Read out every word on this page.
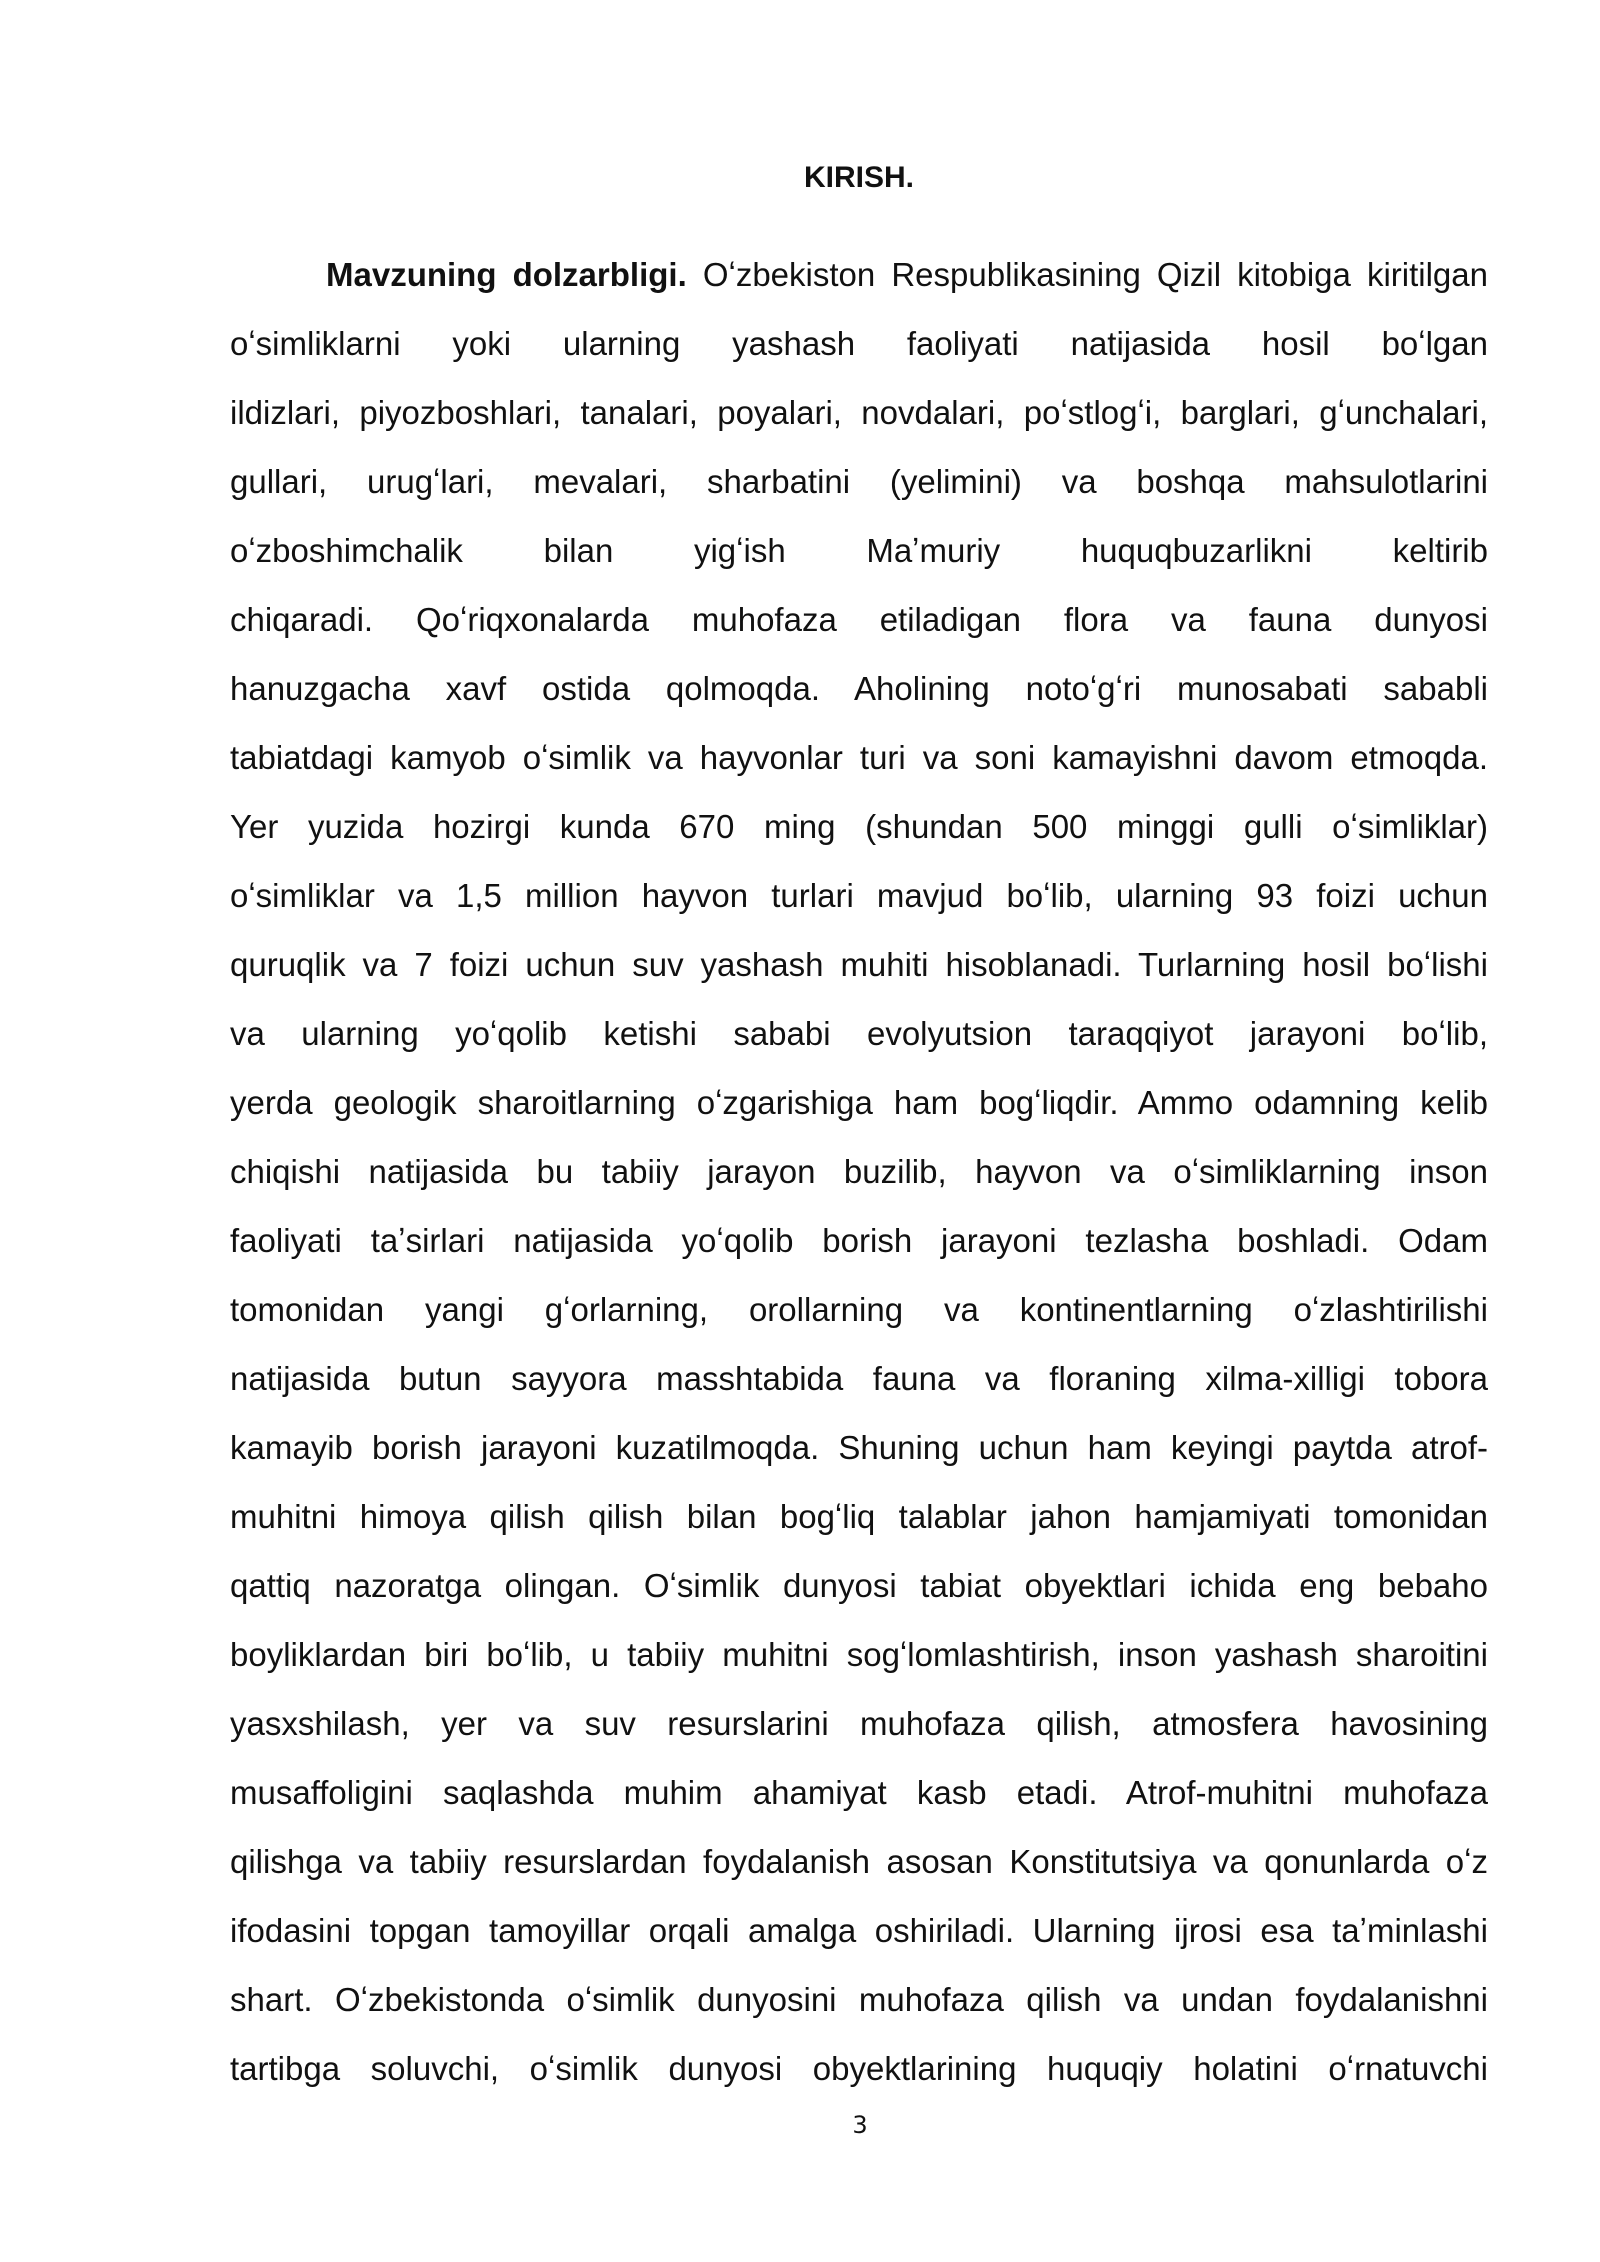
KIRISH.
Mavzuning dolzarbligi. Oʻzbekiston Respublikasining Qizil kitobiga kiritilgan
oʻsimliklarni yoki ularning yashash faoliyati natijasida hosil boʻlgan
ildizlari, piyozboshlari, tanalari, poyalari, novdalari, poʻstlogʻi, barglari, gʻunchalari,
gullari, urugʻlari, mevalari, sharbatini (yelimini) va boshqa mahsulotlarini
oʻzboshimchalik bilan yigʻish Maʼmuriy huquqbuzarlikni keltirib
chiqaradi. Qoʻriqxonalarda muhofaza etiladigan flora va fauna dunyosi
hanuzgacha xavf ostida qolmoqda. Aholining notoʻgʻri munosabati sababli
tabiatdagi kamyob oʻsimlik va hayvonlar turi va soni kamayishni davom etmoqda.
Yer yuzida hozirgi kunda 670 ming (shundan 500 minggi gulli oʻsimliklar)
oʻsimliklar va 1,5 million hayvon turlari mavjud boʻlib, ularning 93 foizi uchun
quruqlik va 7 foizi uchun suv yashash muhiti hisoblanadi. Turlarning hosil boʻlishi
va ularning yoʻqolib ketishi sababi evolyutsion taraqqiyot jarayoni boʻlib,
yerda geologik sharoitlarning oʻzgarishiga ham bogʻliqdir. Ammo odamning kelib
chiqishi natijasida bu tabiiy jarayon buzilib, hayvon va oʻsimliklarning inson
faoliyati taʼsirlari natijasida yoʻqolib borish jarayoni tezlasha boshladi. Odam
tomonidan yangi gʻorlarning, orollarning va kontinentlarning oʻzlashtirilishi
natijasida butun sayyora masshtabida fauna va floraning xilma-xilligi tobora
kamayib borish jarayoni kuzatilmoqda. Shuning uchun ham keyingi paytda atrof-
muhitni himoya qilish qilish bilan bogʻliq talablar jahon hamjamiyati tomonidan
qattiq nazoratga olingan. Oʻsimlik dunyosi tabiat obyektlari ichida eng bebaho
boyliklardan biri boʻlib, u tabiiy muhitni sogʻlomlashtirish, inson yashash sharoitini
yasxshilash, yer va suv resurslarini muhofaza qilish, atmosfera havosining
musaffoligini saqlashda muhim ahamiyat kasb etadi. Atrof-muhitni muhofaza
qilishga va tabiiy resurslardan foydalanish asosan Konstitutsiya va qonunlarda oʻz
ifodasini topgan tamoyillar orqali amalga oshiriladi. Ularning ijrosi esa taʼminlashi
shart. Oʻzbekistonda oʻsimlik dunyosini muhofaza qilish va undan foydalanishni
tartibga soluvchi, oʻsimlik dunyosi obyektlarining huquqiy holatini oʻrnatuvchi
3
